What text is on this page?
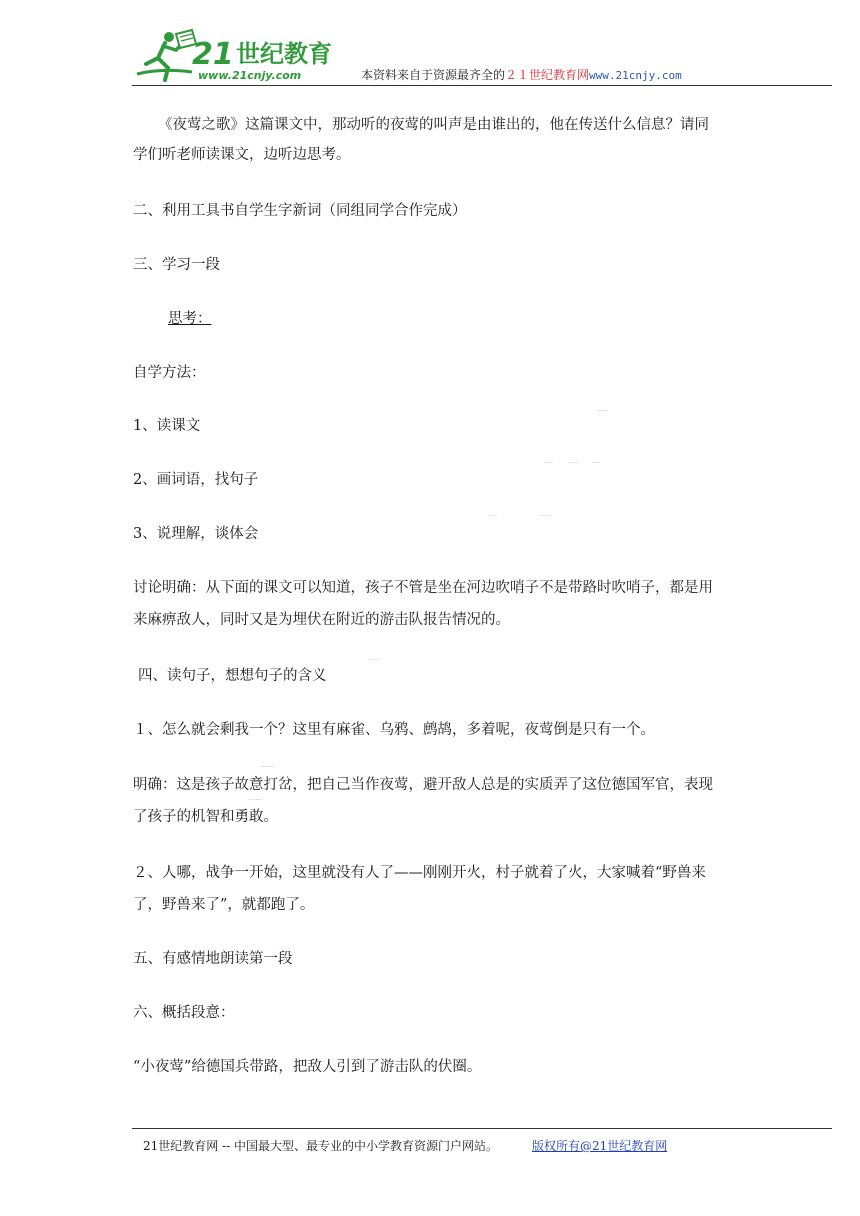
21 世纪教育
www.21cnjy.com	本资料来自于资源最齐全的２１世纪教育网www.21cnjy.com
《夜莺之歌》这篇课文中，那动听的夜莺的叫声是由谁出的，他在传送什么信息？请同
学们听老师读课文，边听边思考。
二、利用工具书自学生字新词（同组同学合作完成）
三、学习一段
思考：
自学方法：
1、读课文
2、画词语，找句子
3、说理解，谈体会
讨论明确：从下面的课文可以知道，孩子不管是坐在河边吹哨子不是带路时吹哨子，都是用
来麻痹敌人，同时又是为埋伏在附近的游击队报告情况的。
四、读句子，想想句子的含义
１、怎么就会剩我一个？这里有麻雀、乌鸦、鹧鸪，多着呢，夜莺倒是只有一个。
明确：这是孩子故意打岔，把自己当作夜莺，避开敌人总是的实质弄了这位德国军官，表现
了孩子的机智和勇敢。
２、人哪，战争一开始，这里就没有人了——刚刚开火，村子就着了火，大家喊着“野兽来
了，野兽来了”，就都跑了。
五、有感情地朗读第一段
六、概括段意：
“小夜莺”给德国兵带路，把敌人引到了游击队的伏圈。
21世纪教育网 -- 中国最大型、最专业的中小学教育资源门户网站。	版权所有@21世纪教育网
